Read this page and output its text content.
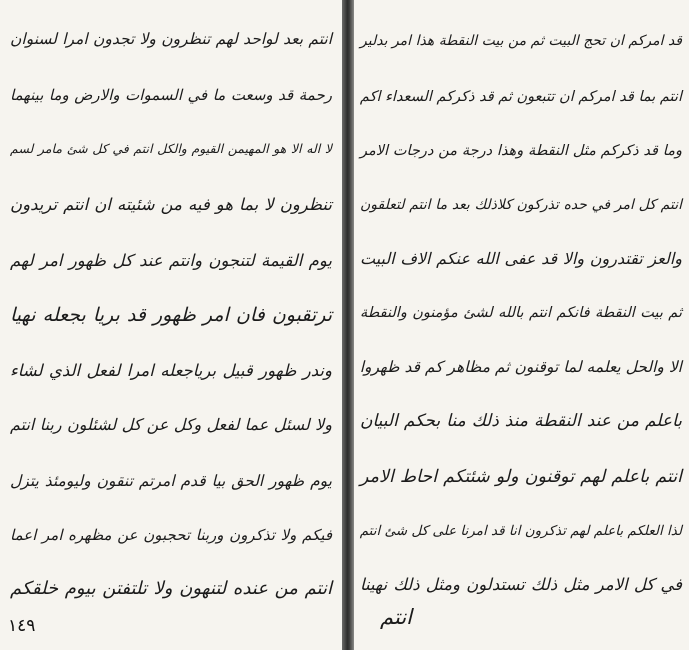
انتم بعد لواحد لهم تنظرون ولا تجدون امرا لسنوان
رحمة قد وسعت ما في السموات والارض وما بينهما
لا اله الا هو المهيمن القيوم والكل انتم في كل شئ مامر لسم
تنظرون لا بما هو فيه من شئيته ان انتم تريدون
يوم القيمة لتنجون وانتم عند كل ظهور امر لهم
ترتقبون فان امر ظهور قد بريا بجعله نهيا
وندر ظهور قبيل برياجعله امرا لفعل الذي لشاء
ولا لسئل عما لفعل وكل عن كل لشئلون ربنا انتم
يوم ظهور الحق بيا قدم امرتم تنقون وليومئذ يتزل
فيكم ولا تذكرون وربنا تحجبون عن مظهره امر اعما
انتم من عنده لتنهون ولا تلتفتن بيوم خلقكم
١٤٩
قد امركم ان تحج البيت ثم من بيت النقطة هذا امر بدلير
انتم بما قد امركم ان تتبعون ثم قد ذكركم السعداء اكم
وما قد ذكركم مثل النقطة وهذا درجة من درجات الامر
انتم كل امر في حده تذركون كلاذلك بعد ما انتم لتعلقون
والعز تقتدرون والا قد عفى الله عنكم الاف البيت
ثم بيت النقطة فانكم انتم بالله لشئ مؤمنون والنقطة
الا والحل يعلمه لما توقنون ثم مظاهر كم قد ظهروا
باعلم من عند النقطة منذ ذلك منا بحكم البيان
انتم باعلم لهم توقنون ولو شئتكم احاط الامر
لذا العلكم باعلم لهم تذكرون انا قد امرنا على كل شئ انتم
في كل الامر مثل ذلك تستدلون ومثل ذلك نهينا
انتم
